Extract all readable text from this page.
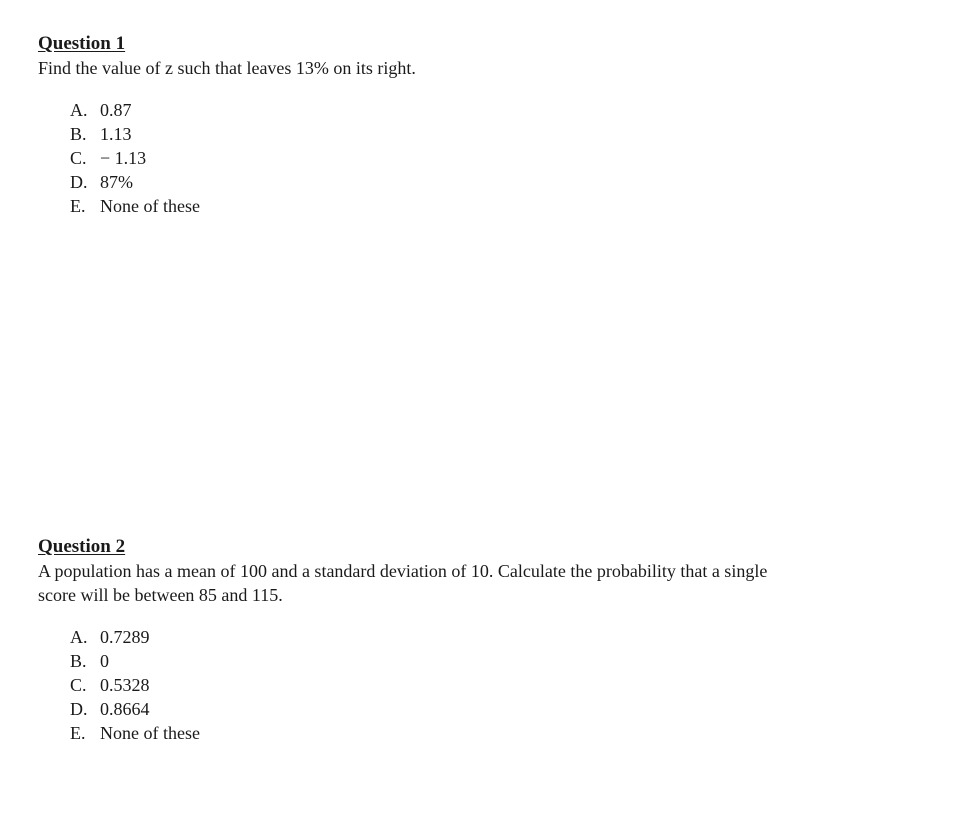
Question 1

Find the value of z such that leaves 13% on its right.

A. 0.87
B. 1.13
C. − 1.13
D. 87%
E. None of these

Question 2

A population has a mean of 100 and a standard deviation of 10. Calculate the probability that a single
score will be between 85 and 115.

A. 0.7289
B. 0
C. 0.5328
D. 0.8664
E. None of these
